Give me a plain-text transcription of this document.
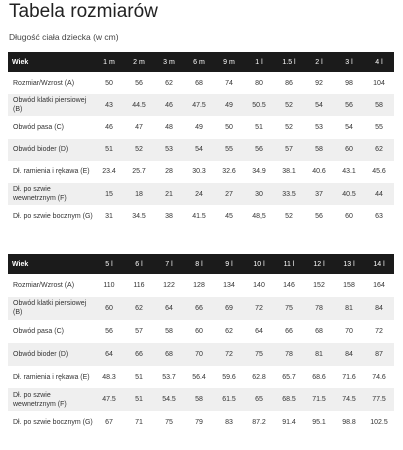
Tabela rozmiarów
Długość ciała dziecka (w cm)
Wiek	1 m	2 m	3 m	6 m	9 m	1 l	1.5 l	2 l	3 l	4 l
Rozmiar/Wzrost (A)	50	56	62	68	74	80	86	92	98	104
Obwód klatki piersiowej (B)	43	44.5	46	47.5	49	50.5	52	54	56	58
Obwód pasa (C)	46	47	48	49	50	51	52	53	54	55
Obwód bioder (D)	51	52	53	54	55	56	57	58	60	62
Dł. ramienia i rękawa (E)	23.4	25.7	28	30.3	32.6	34.9	38.1	40.6	43.1	45.6
Dł. po szwie wewnetrznym (F)	15	18	21	24	27	30	33.5	37	40.5	44
Dł. po szwie bocznym (G)	31	34.5	38	41.5	45	48,5	52	56	60	63
Wiek	5 l	6 l	7 l	8 l	9 l	10 l	11 l	12 l	13 l	14 l
Rozmiar/Wzrost (A)	110	116	122	128	134	140	146	152	158	164
Obwód klatki piersiowej (B)	60	62	64	66	69	72	75	78	81	84
Obwód pasa (C)	56	57	58	60	62	64	66	68	70	72
Obwód bioder (D)	64	66	68	70	72	75	78	81	84	87
Dł. ramienia i rękawa (E)	48.3	51	53.7	56.4	59.6	62.8	65.7	68.6	71.6	74.6
Dł. po szwie wewnetrznym (F)	47.5	51	54.5	58	61.5	65	68.5	71.5	74.5	77.5
Dł. po szwie bocznym (G)	67	71	75	79	83	87.2	91.4	95.1	98.8	102.5
